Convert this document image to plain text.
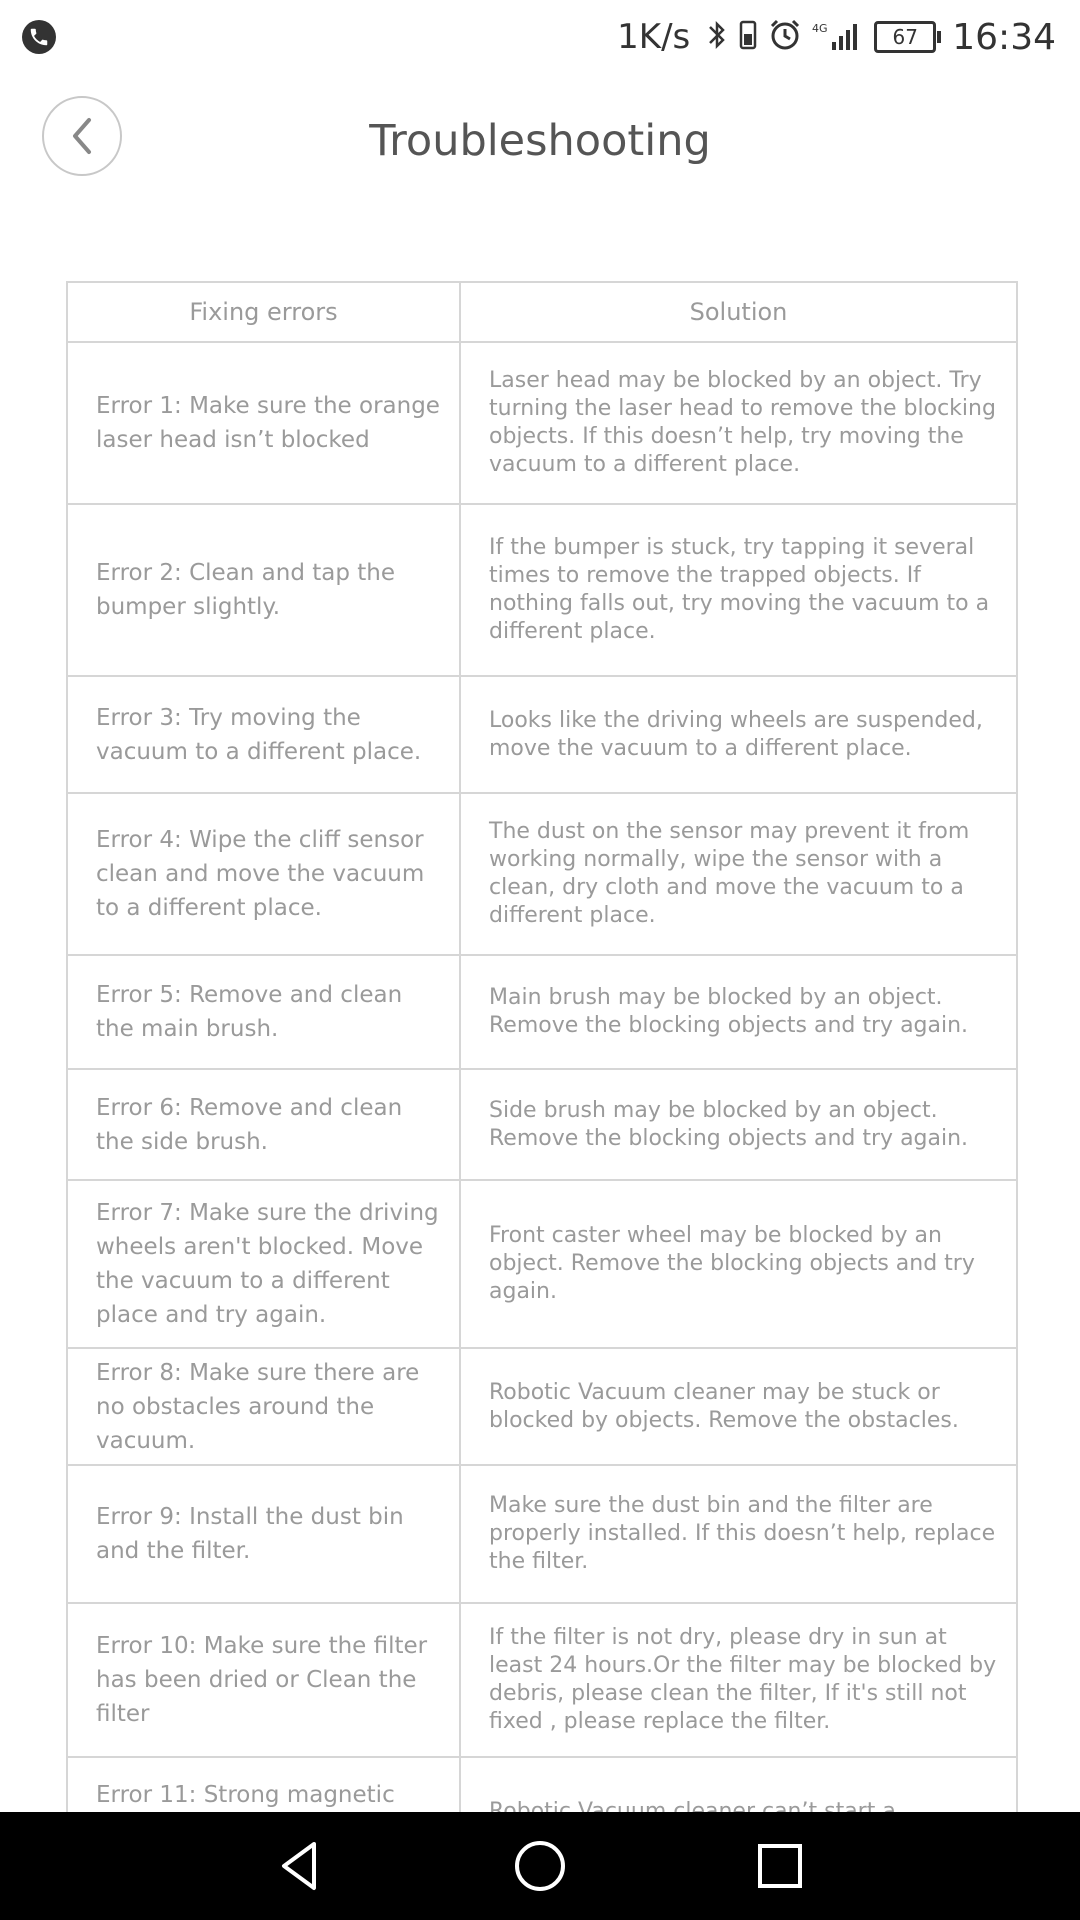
1K/s	4G	67 16:34
Troubleshooting
Fixing errors	Solution
Error 1: Make sure the orange laser head isn’t blocked	Laser head may be blocked by an object. Try turning the laser head to remove the blocking objects. If this doesn’t help, try moving the vacuum to a different place.
Error 2: Clean and tap the bumper slightly.	If the bumper is stuck, try tapping it several times to remove the trapped objects. If nothing falls out, try moving the vacuum to a different place.
Error 3: Try moving the vacuum to a different place.	Looks like the driving wheels are suspended, move the vacuum to a different place.
Error 4: Wipe the cliff sensor clean and move the vacuum to a different place.	The dust on the sensor may prevent it from working normally, wipe the sensor with a clean, dry cloth and move the vacuum to a different place.
Error 5: Remove and clean the main brush.	Main brush may be blocked by an object. Remove the blocking objects and try again.
Error 6: Remove and clean the side brush.	Side brush may be blocked by an object. Remove the blocking objects and try again.
Error 7: Make sure the driving wheels aren't blocked. Move the vacuum to a different place and try again.	Front caster wheel may be blocked by an object. Remove the blocking objects and try again.
Error 8: Make sure there are no obstacles around the vacuum.	Robotic Vacuum cleaner may be stuck or blocked by objects. Remove the obstacles.
Error 9: Install the dust bin and the filter.	Make sure the dust bin and the filter are properly installed. If this doesn’t help, replace the filter.
Error 10: Make sure the filter has been dried or Clean the filter	If the filter is not dry, please dry in sun at least 24 hours.Or the filter may be blocked by debris, please clean the filter, If it's still not fixed , please replace the filter.
Error 11: Strong magnetic	
